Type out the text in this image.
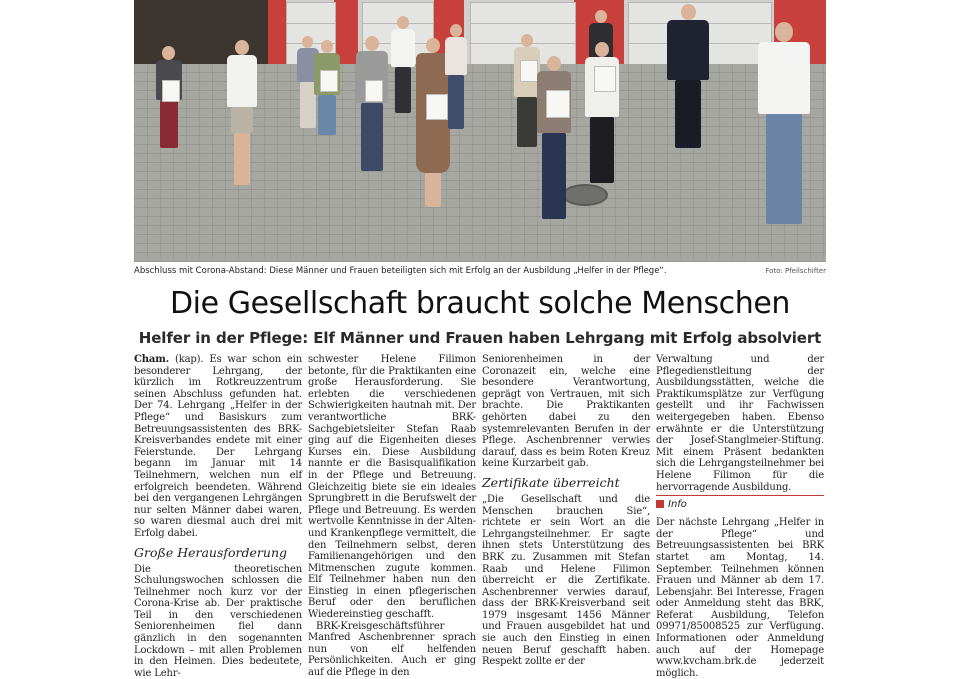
Abschluss mit Corona-Abstand: Diese Männer und Frauen beteiligten sich mit Erfolg an der Ausbildung „Helfer in der Pflege“.	Foto: Pfeilschifter
Die Gesellschaft braucht solche Menschen
Helfer in der Pflege: Elf Männer und Frauen haben Lehrgang mit Erfolg absolviert

Cham. (kap). Es war schon ein besonderer Lehrgang, der kürzlich im Rotkreuzzentrum seinen Abschluss gefunden hat. Der 74. Lehrgang „Helfer in der Pflege“ und Basiskurs zum Betreuungsassistenten des BRK-Kreisverbandes endete mit einer Feierstunde. Der Lehrgang begann im Januar mit 14 Teilnehmern, welchen nun elf erfolgreich beendeten. Während bei den vergangenen Lehrgängen nur selten Männer dabei waren, so waren diesmal auch drei mit Erfolg dabei.

Große Herausforderung

Die theoretischen Schulungswochen schlossen die Teilnehmer noch kurz vor der Corona-Krise ab. Der praktische Teil in den verschiedenen Seniorenheimen fiel dann gänzlich in den sogenannten Lockdown – mit allen Problemen in den Heimen. Dies bedeutete, wie Lehr-

schwester Helene Filimon betonte, für die Praktikanten eine große Herausforderung. Sie erlebten die verschiedenen Schwierigkeiten hautnah mit. Der verantwortliche BRK-Sachgebietsleiter Stefan Raab ging auf die Eigenheiten dieses Kurses ein. Diese Ausbildung nannte er die Basisqualifikation in der Pflege und Betreuung. Gleichzeitig biete sie ein ideales Sprungbrett in die Berufswelt der Pflege und Betreuung. Es werden wertvolle Kenntnisse in der Alten- und Krankenpflege vermittelt, die den Teilnehmern selbst, deren Familienangehörigen und den Mitmenschen zugute kommen. Elf Teilnehmer haben nun den Einstieg in einen pflegerischen Beruf oder den beruflichen Wiedereinstieg geschafft.

BRK-Kreisgeschäftsführer Manfred Aschenbrenner sprach nun von elf helfenden Persönlichkeiten. Auch er ging auf die Pflege in den

Seniorenheimen in der Coronazeit ein, welche eine besondere Verantwortung, geprägt von Vertrauen, mit sich brachte. Die Praktikanten gehörten dabei zu den systemrelevanten Berufen in der Pflege. Aschenbrenner verwies darauf, dass es beim Roten Kreuz keine Kurzarbeit gab.

Zertifikate überreicht

„Die Gesellschaft und die Menschen brauchen Sie“, richtete er sein Wort an die Lehrgangsteilnehmer. Er sagte ihnen stets Unterstützung des BRK zu. Zusammen mit Stefan Raab und Helene Filimon überreicht er die Zertifikate. Aschenbrenner verwies darauf, dass der BRK-Kreisverband seit 1979 insgesamt 1456 Männer und Frauen ausgebildet hat und sie auch den Einstieg in einen neuen Beruf geschafft haben. Respekt zollte er der

Verwaltung und der Pflegedienstleitung der Ausbildungsstätten, welche die Praktikumsplätze zur Verfügung gestellt und ihr Fachwissen weitergegeben haben. Ebenso erwähnte er die Unterstützung der Josef-Stanglmeier-Stiftung. Mit einem Präsent bedankten sich die Lehrgangsteilnehmer bei Helene Filimon für die hervorragende Ausbildung.

Info

Der nächste Lehrgang „Helfer in der Pflege“ und Betreuungsassistenten bei BRK startet am Montag, 14. September. Teilnehmen können Frauen und Männer ab dem 17. Lebensjahr. Bei Interesse, Fragen oder Anmeldung steht das BRK, Referat Ausbildung, Telefon 09971/85008525 zur Verfügung. Informationen oder Anmeldung auch auf der Homepage www.kvcham.brk.de jederzeit möglich.
